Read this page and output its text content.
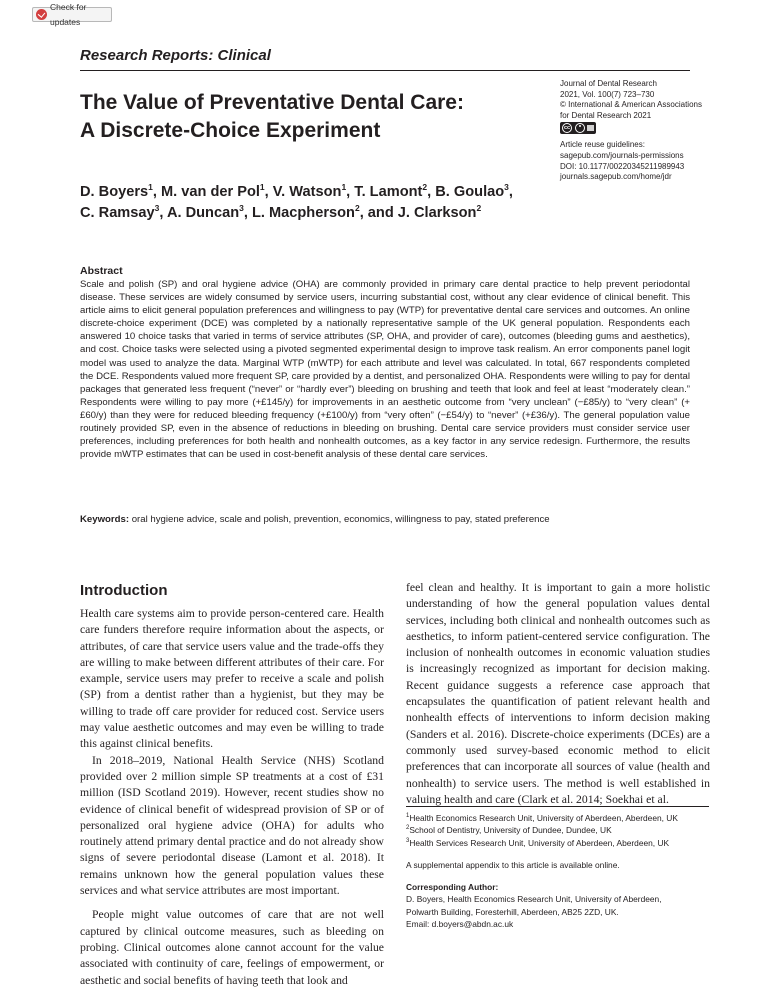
Check for updates
Research Reports: Clinical
The Value of Preventative Dental Care:
A Discrete-Choice Experiment
Journal of Dental Research
2021, Vol. 100(7) 723–730
© International & American Associations
for Dental Research 2021
cc
Article reuse guidelines:
sagepub.com/journals-permissions
DOI: 10.1177/00220345211989943
journals.sagepub.com/home/jdr
D. Boyers$^1$, M. van der Pol$^1$, V. Watson$^1$, T. Lamont$^2$, B. Goulao$^3$,
C. Ramsay$^3$, A. Duncan$^3$, L. Macpherson$^2$, and J. Clarkson$^2$
Abstract
Scale and polish (SP) and oral hygiene advice (OHA) are commonly provided in primary care dental practice to help prevent periodontal disease. These services are widely consumed by service users, incurring substantial cost, without any clear evidence of clinical benefit. This article aims to elicit general population preferences and willingness to pay (WTP) for preventative dental care services and outcomes. An online discrete-choice experiment (DCE) was completed by a nationally representative sample of the UK general population. Respondents each answered 10 choice tasks that varied in terms of service attributes (SP, OHA, and provider of care), outcomes (bleeding gums and aesthetics), and cost. Choice tasks were selected using a pivoted segmented experimental design to improve task realism. An error components panel logit model was used to analyze the data. Marginal WTP (mWTP) for each attribute and level was calculated. In total, 667 respondents completed the DCE. Respondents valued more frequent SP, care provided by a dentist, and personalized OHA. Respondents were willing to pay for dental packages that generated less frequent (“never” or “hardly ever”) bleeding on brushing and teeth that look and feel at least “moderately clean.” Respondents were willing to pay more (+£145/y) for improvements in an aesthetic outcome from “very unclean” (−£85/y) to “very clean” (+£60/y) than they were for reduced bleeding frequency (+£100/y) from “very often” (−£54/y) to “never” (+£36/y). The general population value routinely provided SP, even in the absence of reductions in bleeding on brushing. Dental care service providers must consider service user preferences, including preferences for both health and nonhealth outcomes, as a key factor in any service redesign. Furthermore, the results provide mWTP estimates that can be used in cost-benefit analysis of these dental care services.
Keywords: oral hygiene advice, scale and polish, prevention, economics, willingness to pay, stated preference
Introduction

Health care systems aim to provide person-centered care. Health care funders therefore require information about the aspects, or attributes, of care that service users value and the trade-offs they are willing to make between different attributes of their care. For example, service users may prefer to receive a scale and polish (SP) from a dentist rather than a hygienist, but they may be willing to trade off care provider for reduced cost. Service users may value aesthetic outcomes and may even be willing to trade this against clinical benefits.

In 2018–2019, National Health Service (NHS) Scotland provided over 2 million simple SP treatments at a cost of £31 million (ISD Scotland 2019). However, recent studies show no evidence of clinical benefit of widespread provision of SP or of personalized oral hygiene advice (OHA) for adults who routinely attend primary dental practice and do not already show signs of severe periodontal disease (Lamont et al. 2018). It remains unknown how the general population values these services and what service attributes are most important.

People might value outcomes of care that are not well captured by clinical outcome measures, such as bleeding on probing. Clinical outcomes alone cannot account for the value associated with continuity of care, feelings of empowerment, or aesthetic and social benefits of having teeth that look and

feel clean and healthy. It is important to gain a more holistic understanding of how the general population values dental services, including both clinical and nonhealth outcomes such as aesthetics, to inform patient-centered service configuration. The inclusion of nonhealth outcomes in economic valuation studies is increasingly recognized as important for decision making. Recent guidance suggests a reference case approach that encapsulates the quantification of patient relevant health and nonhealth effects of interventions to inform decision making (Sanders et al. 2016). Discrete-choice experiments (DCEs) are a commonly used survey-based economic method to elicit preferences that can incorporate all sources of value (health and nonhealth) to service users. The method is well established in valuing health and care (Clark et al. 2014; Soekhai et al.

$^1$Health Economics Research Unit, University of Aberdeen, Aberdeen, UK
$^2$School of Dentistry, University of Dundee, Dundee, UK
$^3$Health Services Research Unit, University of Aberdeen, Aberdeen, UK
A supplemental appendix to this article is available online.
Corresponding Author:
D. Boyers, Health Economics Research Unit, University of Aberdeen,
Polwarth Building, Foresterhill, Aberdeen, AB25 2ZD, UK.
Email: d.boyers@abdn.ac.uk
